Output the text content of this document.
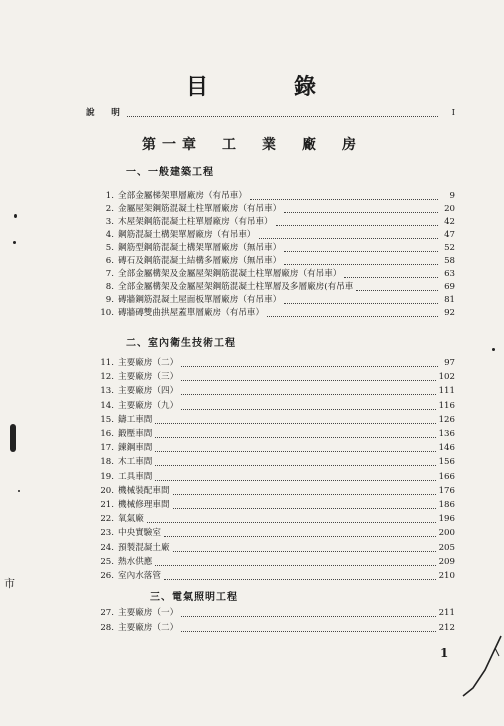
目	錄
說　明	I
第一章　工　業　廠　房
一、一般建築工程
1. 全部金屬梯架單層廠房（有吊車）	9
2. 金屬屋架鋼筋混凝土柱單層廠房（有吊車）	20
3. 木屋架鋼筋混凝土柱單層廠房（有吊車）	42
4. 鋼筋混凝土構架單層廠房（有吊車）	47
5. 鋼筋型鋼筋混凝土構架單層廠房（無吊車）	52
6. 磚石及鋼筋混凝土結構多層廠房（無吊車）	58
7. 全部金屬構架及金屬屋架鋼筋混凝土柱單層廠房（有吊車）	63
8. 全部金屬構架及金屬屋架鋼筋混凝土柱單層及多層廠房(有吊車	69
9. 磚牆鋼筋混凝土屋面板單層廠房（有吊車）	81
10. 磚牆磚雙曲拱屋蓋單層廠房（有吊車）	92
二、室內衛生技術工程
11. 主要廠房（二）	97
12. 主要廠房（三）	102
13. 主要廠房（四）	111
14. 主要廠房（九）	116
15. 鑄工車間	126
16. 鍛壓車間	136
17. 鍊鋼車間	146
18. 木工車間	156
19. 工具車間	166
20. 機械裝配車間	176
21. 機械修理車間	186
22. 氧氣廠	196
23. 中央實驗室	200
24. 預製混凝土廠	205
25. 熱水供應	209
26. 室內水落管	210
三、電氣照明工程
27. 主要廠房（一）	211
28. 主要廠房（二）	212
市
1
